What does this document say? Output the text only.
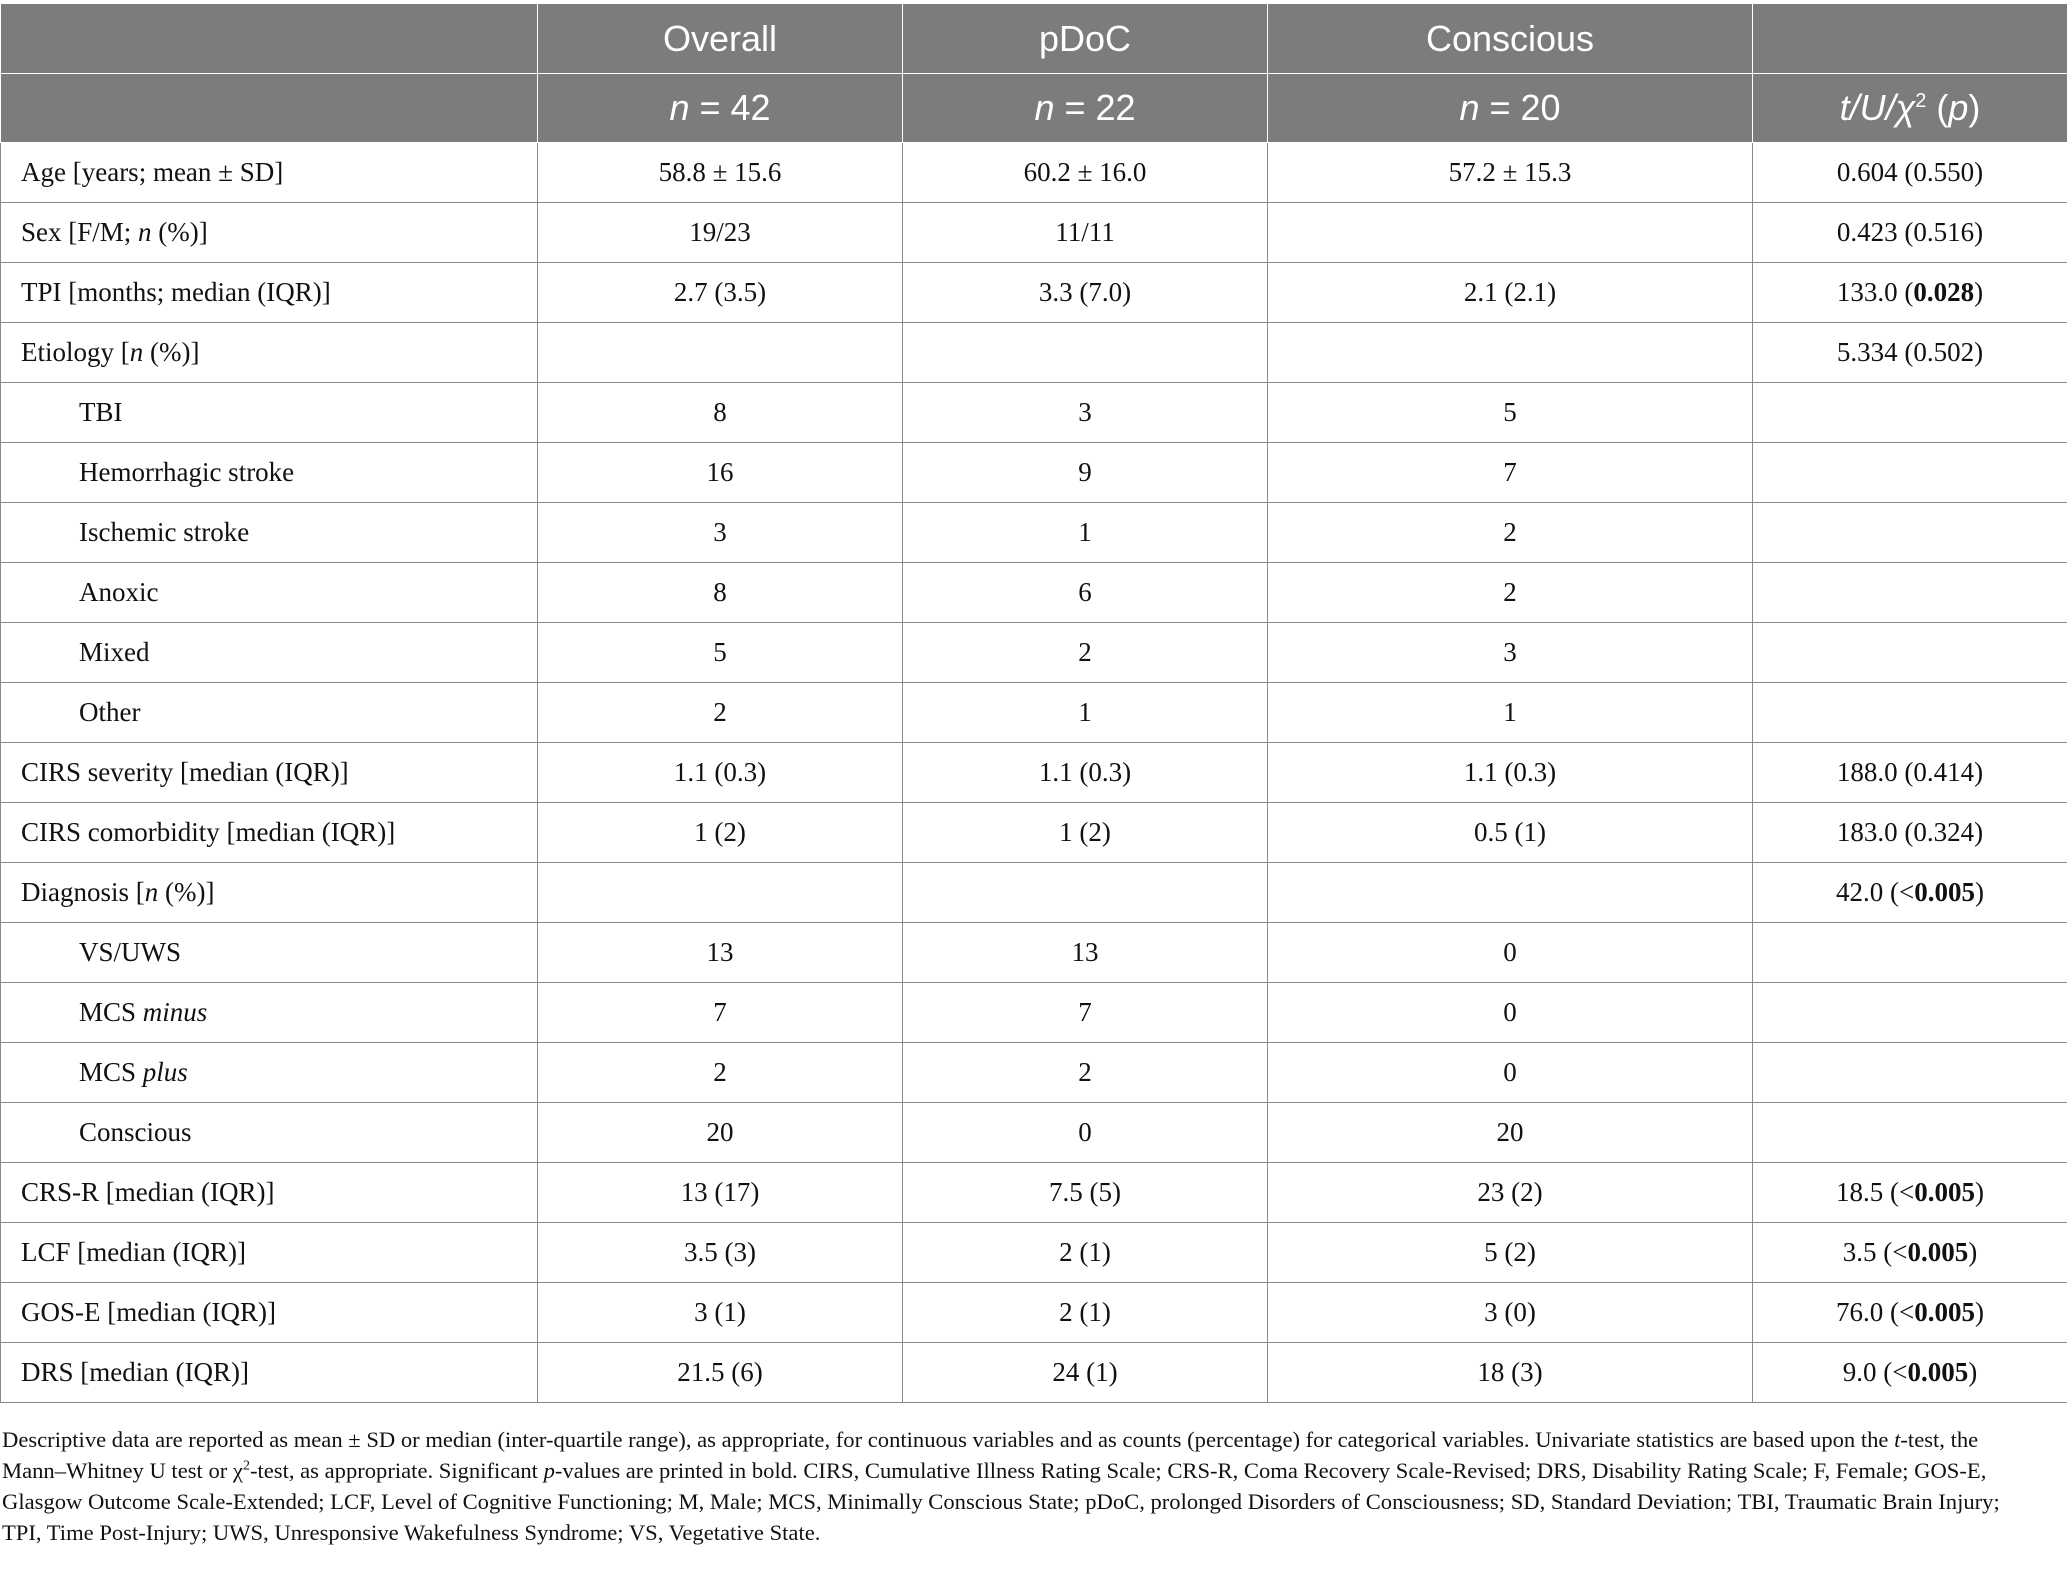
	Overall	pDoC	Conscious	
	n = 42	n = 22	n = 20	$t/U/\chi^2$ (p)
Age [years; mean ± SD]	58.8 ± 15.6	60.2 ± 16.0	57.2 ± 15.3	0.604 (0.550)
Sex [F/M; n (%)]	19/23	11/11		0.423 (0.516)
TPI [months; median (IQR)]	2.7 (3.5)	3.3 (7.0)	2.1 (2.1)	133.0 (0.028)
Etiology [n (%)]				5.334 (0.502)
TBI	8	3	5	
Hemorrhagic stroke	16	9	7	
Ischemic stroke	3	1	2	
Anoxic	8	6	2	
Mixed	5	2	3	
Other	2	1	1	
CIRS severity [median (IQR)]	1.1 (0.3)	1.1 (0.3)	1.1 (0.3)	188.0 (0.414)
CIRS comorbidity [median (IQR)]	1 (2)	1 (2)	0.5 (1)	183.0 (0.324)
Diagnosis [n (%)]				42.0 (<0.005)
VS/UWS	13	13	0	
MCS minus	7	7	0	
MCS plus	2	2	0	
Conscious	20	0	20	
CRS-R [median (IQR)]	13 (17)	7.5 (5)	23 (2)	18.5 (<0.005)
LCF [median (IQR)]	3.5 (3)	2 (1)	5 (2)	3.5 (<0.005)
GOS-E [median (IQR)]	3 (1)	2 (1)	3 (0)	76.0 (<0.005)
DRS [median (IQR)]	21.5 (6)	24 (1)	18 (3)	9.0 (<0.005)
Descriptive data are reported as mean ± SD or median (inter-quartile range), as appropriate, for continuous variables and as counts (percentage) for categorical variables. Univariate statistics are based upon the t-test, the Mann–Whitney U test or $\chi^2$-test, as appropriate. Significant p-values are printed in bold. CIRS, Cumulative Illness Rating Scale; CRS-R, Coma Recovery Scale-Revised; DRS, Disability Rating Scale; F, Female; GOS-E, Glasgow Outcome Scale-Extended; LCF, Level of Cognitive Functioning; M, Male; MCS, Minimally Conscious State; pDoC, prolonged Disorders of Consciousness; SD, Standard Deviation; TBI, Traumatic Brain Injury; TPI, Time Post-Injury; UWS, Unresponsive Wakefulness Syndrome; VS, Vegetative State.
